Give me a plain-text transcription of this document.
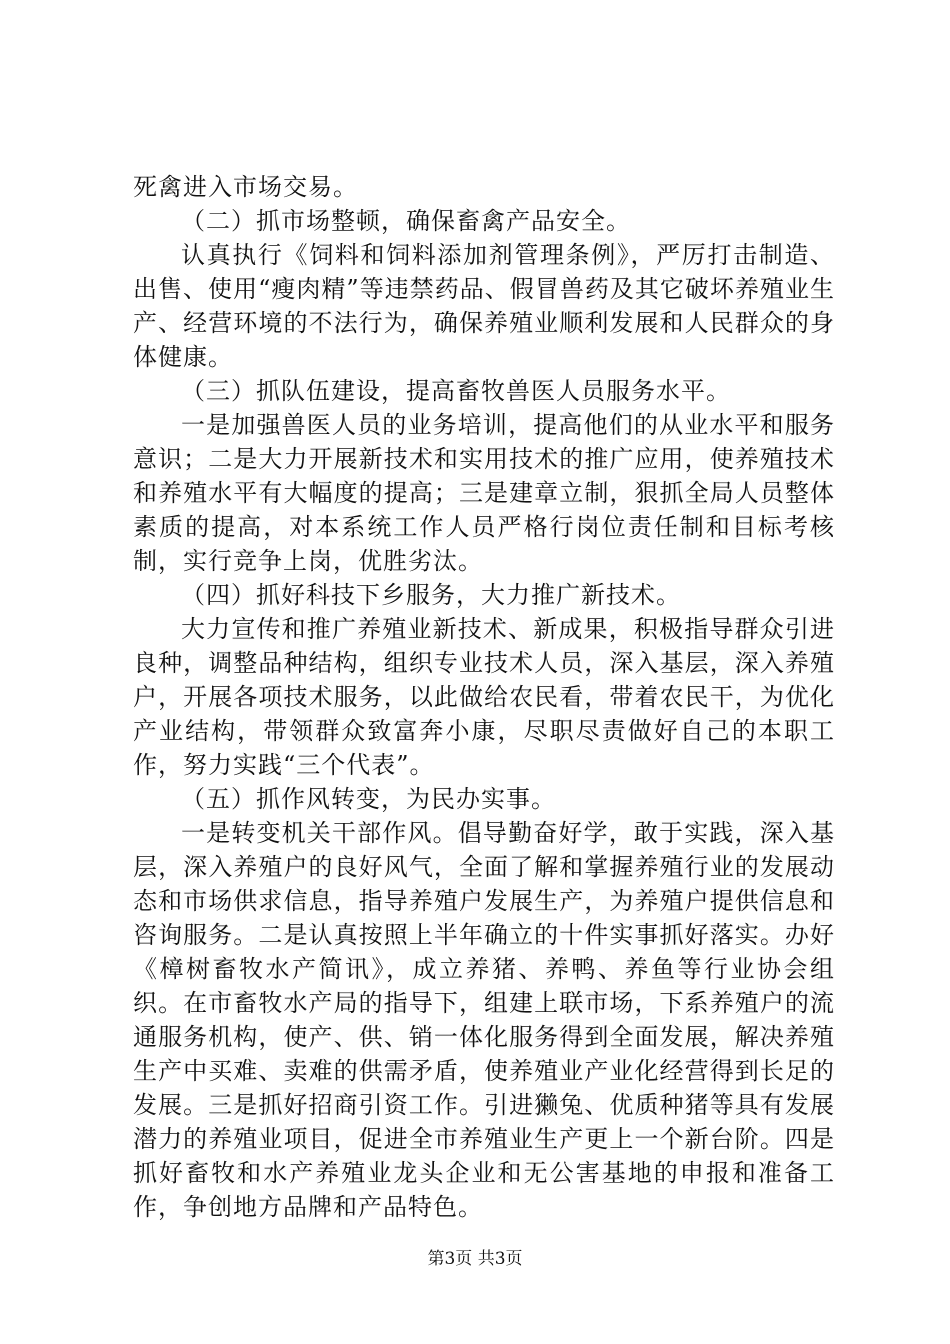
死禽进入市场交易。

（二）抓市场整顿，确保畜禽产品安全。

认真执行《饲料和饲料添加剂管理条例》，严厉打击制造、出售、使用“瘦肉精”等违禁药品、假冒兽药及其它破坏养殖业生产、经营环境的不法行为，确保养殖业顺利发展和人民群众的身体健康。

（三）抓队伍建设，提高畜牧兽医人员服务水平。

一是加强兽医人员的业务培训，提高他们的从业水平和服务意识；二是大力开展新技术和实用技术的推广应用，使养殖技术和养殖水平有大幅度的提高；三是建章立制，狠抓全局人员整体素质的提高，对本系统工作人员严格行岗位责任制和目标考核制，实行竞争上岗，优胜劣汰。

（四）抓好科技下乡服务，大力推广新技术。

大力宣传和推广养殖业新技术、新成果，积极指导群众引进良种，调整品种结构，组织专业技术人员，深入基层，深入养殖户，开展各项技术服务，以此做给农民看，带着农民干，为优化产业结构，带领群众致富奔小康，尽职尽责做好自己的本职工作，努力实践“三个代表”。

（五）抓作风转变，为民办实事。

一是转变机关干部作风。倡导勤奋好学，敢于实践，深入基层，深入养殖户的良好风气，全面了解和掌握养殖行业的发展动态和市场供求信息，指导养殖户发展生产，为养殖户提供信息和咨询服务。二是认真按照上半年确立的十件实事抓好落实。办好《樟树畜牧水产简讯》，成立养猪、养鸭、养鱼等行业协会组织。在市畜牧水产局的指导下，组建上联市场，下系养殖户的流通服务机构，使产、供、销一体化服务得到全面发展，解决养殖生产中买难、卖难的供需矛盾，使养殖业产业化经营得到长足的发展。三是抓好招商引资工作。引进獭兔、优质种猪等具有发展潜力的养殖业项目，促进全市养殖业生产更上一个新台阶。四是抓好畜牧和水产养殖业龙头企业和无公害基地的申报和准备工作，争创地方品牌和产品特色。

第3页 共3页
